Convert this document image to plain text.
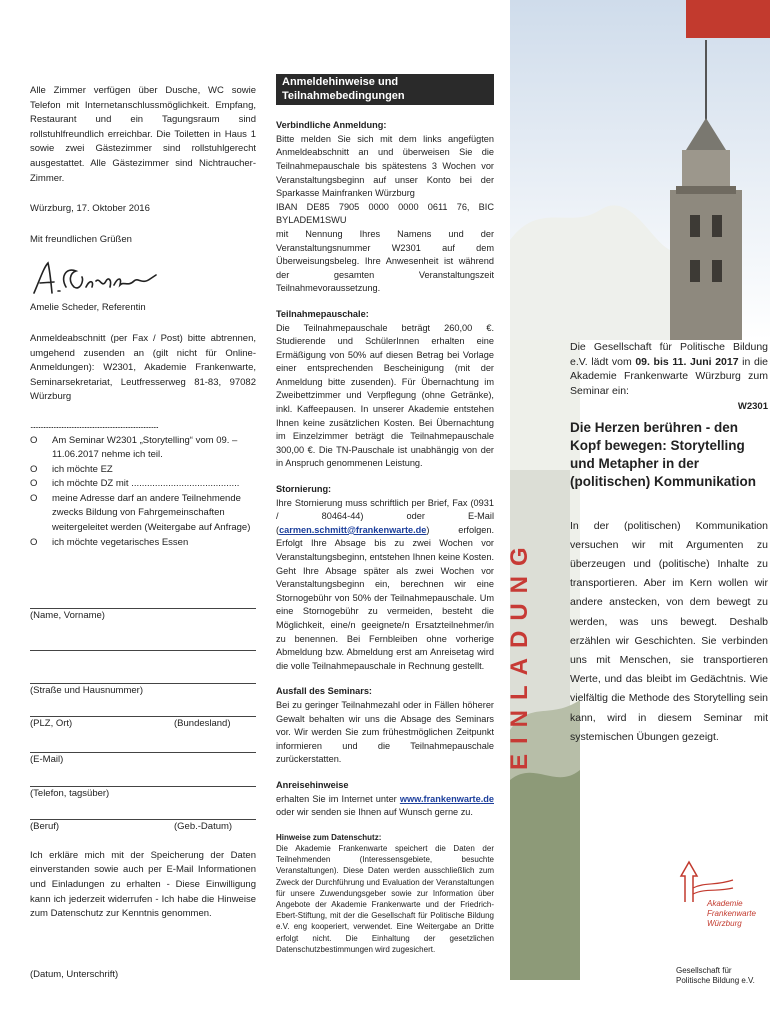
Alle Zimmer verfügen über Dusche, WC sowie Telefon mit Internetanschlussmöglichkeit. Empfang, Restaurant und ein Tagungsraum sind rollstuhlfreundlich erreichbar. Die Toiletten in Haus 1 sowie zwei Gästezimmer sind rollstuhlgerecht ausgestattet. Alle Gästezimmer sind Nichtraucher-Zimmer.

Würzburg, 17. Oktober 2016

Mit freundlichen Grüßen

Amelie Scheder, Referentin

Anmeldeabschnitt (per Fax / Post) bitte abtrennen, umgehend zusenden an (gilt nicht für Online-Anmeldungen): W2301, Akademie Frankenwarte, Seminarsekretariat, Leutfresserweg 81-83, 97082 Würzburg

..............................................................................

O	Am Seminar W2301 „Storytelling“ vom 09. – 11.06.2017 nehme ich teil.
O	ich möchte EZ
O	ich möchte DZ mit .........................................
O	meine Adresse darf an andere Teilnehmende zwecks Bildung von Fahrgemeinschaften weitergeleitet werden (Weitergabe auf Anfrage)
O	ich möchte vegetarisches Essen
(Name, Vorname)
(Straße und Hausnummer)
(PLZ, Ort)	(Bundesland)
(E-Mail)
(Telefon, tagsüber)
(Beruf)	(Geb.-Datum)

Ich erkläre mich mit der Speicherung der Daten einverstanden sowie auch per E-Mail Informationen und Einladungen zu erhalten - Diese Einwilligung kann ich jederzeit widerrufen - Ich habe die Hinweise zum Datenschutz zur Kenntnis genommen.

(Datum, Unterschrift)
Anmeldehinweise und Teilnahmebedingungen
Verbindliche Anmeldung:
Bitte melden Sie sich mit dem links angefügten Anmeldeabschnitt an und überweisen Sie die Teilnahmepauschale bis spätestens 3 Wochen vor Veranstaltungsbeginn auf unser Konto bei der Sparkasse Mainfranken Würzburg
IBAN DE85 7905 0000 0000 0611 76, BIC BYLADEM1SWU
mit Nennung Ihres Namens und der Veranstaltungsnummer W2301 auf dem Überweisungsbeleg. Ihre Anwesenheit ist während der gesamten Veranstaltungszeit Teilnahmevoraussetzung.
Teilnahmepauschale:
Die Teilnahmepauschale beträgt 260,00 €. Studierende und SchülerInnen erhalten eine Ermäßigung von 50% auf diesen Betrag bei Vorlage einer entsprechenden Bescheinigung (mit der Anmeldung bitte zusenden). Für Übernachtung im Zweibettzimmer und Verpflegung (ohne Getränke), inkl. Kaffeepausen. In unserer Akademie entstehen Ihnen keine zusätzlichen Kosten. Bei Übernachtung im Einzelzimmer beträgt die Teilnahmepauschale 300,00 €. Die TN-Pauschale ist unabhängig von der in Anspruch genommenen Leistung.
Stornierung:
Ihre Stornierung muss schriftlich per Brief, Fax (0931 / 80464-44) oder E-Mail (carmen.schmitt@frankenwarte.de) erfolgen. Erfolgt Ihre Absage bis zu zwei Wochen vor Veranstaltungsbeginn, entstehen Ihnen keine Kosten. Geht Ihre Absage später als zwei Wochen vor Veranstaltungsbeginn ein, berechnen wir eine Stornogebühr von 50% der Teilnahmepauschale. Um eine Stornogebühr zu vermeiden, besteht die Möglichkeit, eine/n geeignete/n Ersatzteilnehmer/in zu benennen. Bei Fernbleiben ohne vorherige Abmeldung bzw. Abmeldung erst am Anreisetag wird die volle Teilnahmepauschale in Rechnung gestellt.
Ausfall des Seminars:
Bei zu geringer Teilnahmezahl oder in Fällen höherer Gewalt behalten wir uns die Absage des Seminars vor. Wir werden Sie zum frühestmöglichen Zeitpunkt informieren und die Teilnahmepauschale zurückerstatten.
Anreisehinweise
erhalten Sie im Internet unter www.frankenwarte.de oder wir senden sie Ihnen auf Wunsch gerne zu.
Hinweise zum Datenschutz:
Die Akademie Frankenwarte speichert die Daten der Teilnehmenden (Interessensgebiete, besuchte Veranstaltungen). Diese Daten werden ausschließlich zum Zweck der Durchführung und Evaluation der Veranstaltungen für unsere Zuwendungsgeber sowie zur Information über Angebote der Akademie Frankenwarte und der Friedrich-Ebert-Stiftung, mit der die Gesellschaft für Politische Bildung e.V. eng kooperiert, verwendet. Eine Weitergabe an Dritte erfolgt nicht. Die Einhaltung der gesetzlichen Datenschutzbestimmungen wird zugesichert.
EINLADUNG

Die Gesellschaft für Politische Bildung e.V. lädt vom 09. bis 11. Juni 2017 in die Akademie Frankenwarte Würzburg zum Seminar ein:

W2301
Die Herzen berühren - den Kopf bewegen: Storytelling und Metapher in der (politischen) Kommunikation

In der (politischen) Kommunikation versuchen wir mit Argumenten zu überzeugen und (politische) Inhalte zu transportieren. Aber im Kern wollen wir andere anstecken, von dem bewegt zu werden, was uns bewegt. Deshalb erzählen wir Geschichten. Sie verbinden uns mit Menschen, sie transportieren Werte, und das bleibt im Gedächtnis. Wie vielfältig die Methode des Storytelling sein kann, wird in diesem Seminar mit systemischen Übungen gezeigt.

Akademie Frankenwarte Würzburg
Gesellschaft für Politische Bildung e.V.
